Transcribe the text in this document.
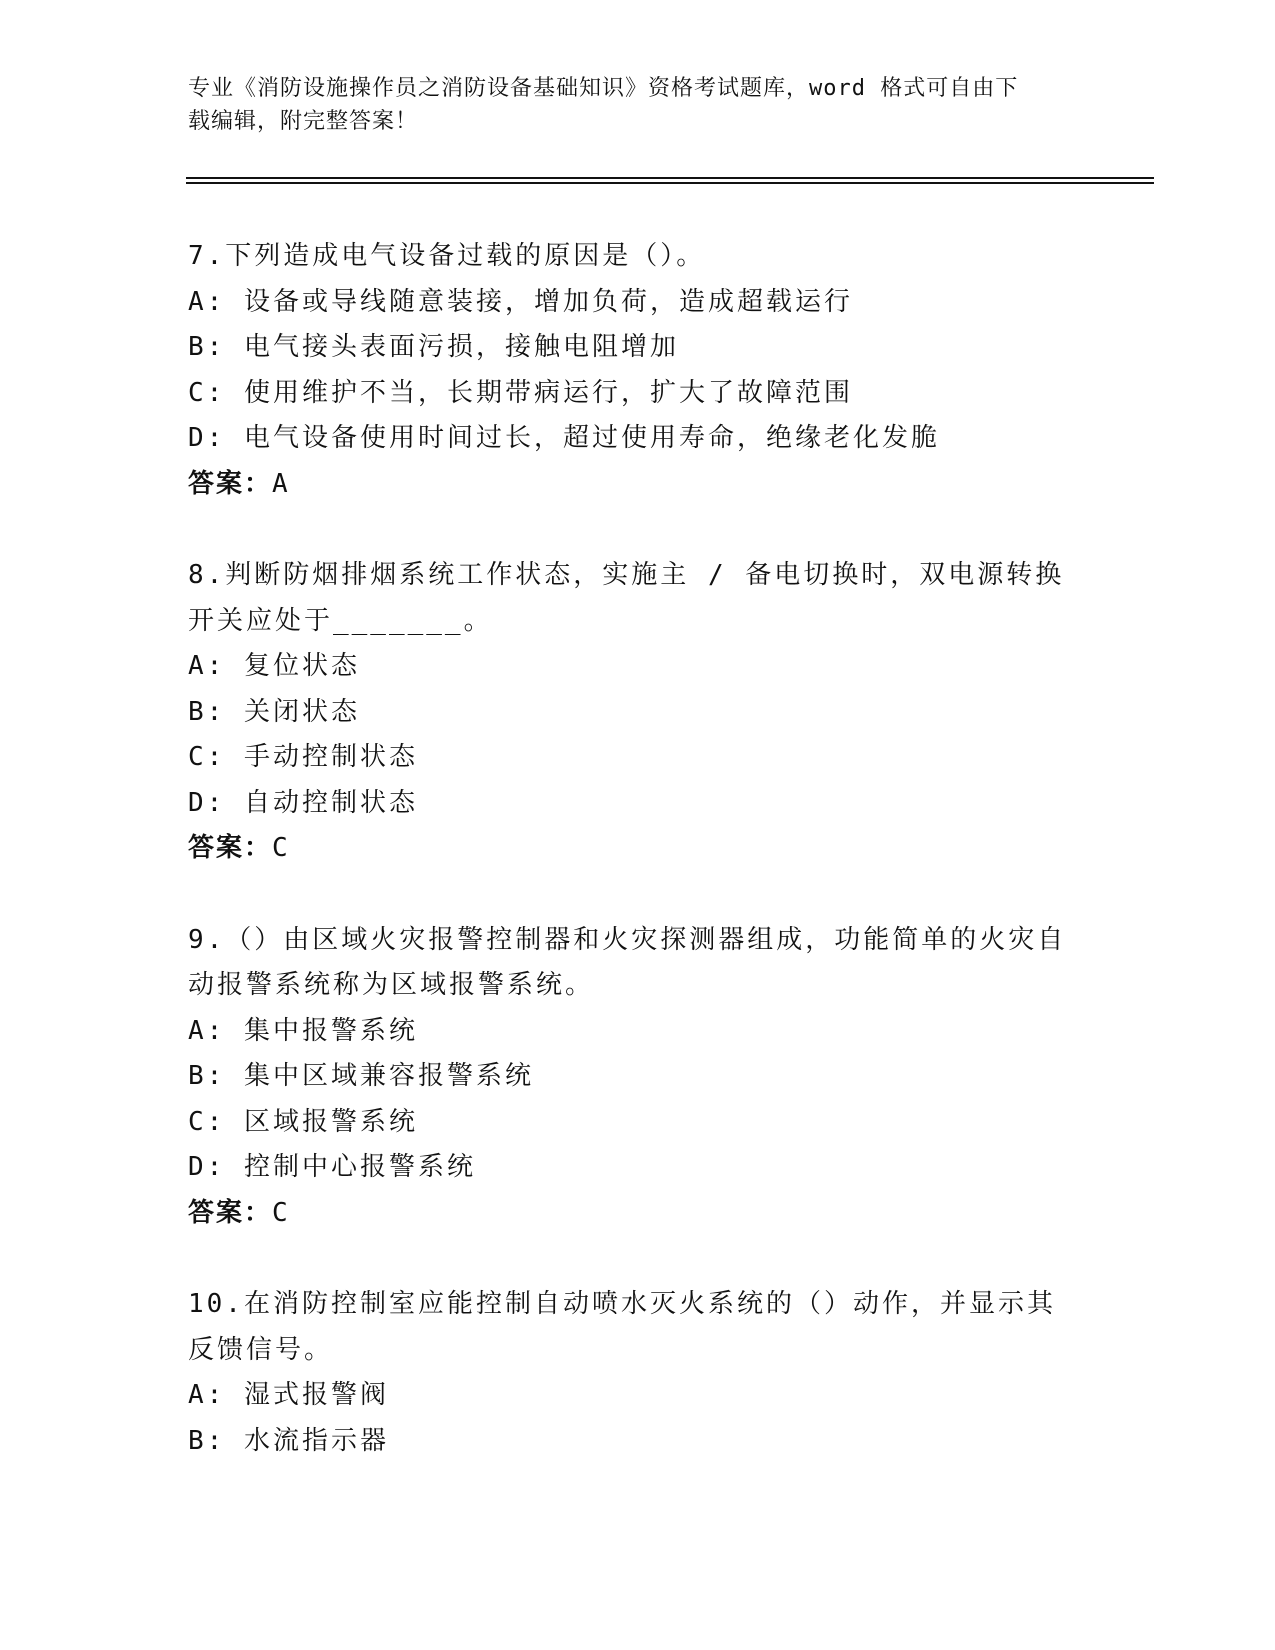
专业《消防设施操作员之消防设备基础知识》资格考试题库，word 格式可自由下
载编辑，附完整答案！
7.下列造成电气设备过载的原因是（）。
A: 设备或导线随意装接，增加负荷，造成超载运行
B: 电气接头表面污损，接触电阻增加
C: 使用维护不当，长期带病运行，扩大了故障范围
D: 电气设备使用时间过长，超过使用寿命，绝缘老化发脆
答案：A
8.判断防烟排烟系统工作状态，实施主 / 备电切换时，双电源转换开关应处于_______。
A: 复位状态
B: 关闭状态
C: 手动控制状态
D: 自动控制状态
答案：C
9.（）由区域火灾报警控制器和火灾探测器组成，功能简单的火灾自动报警系统称为区域报警系统。
A: 集中报警系统
B: 集中区域兼容报警系统
C: 区域报警系统
D: 控制中心报警系统
答案：C
10.在消防控制室应能控制自动喷水灭火系统的（）动作，并显示其反馈信号。
A: 湿式报警阀
B: 水流指示器
